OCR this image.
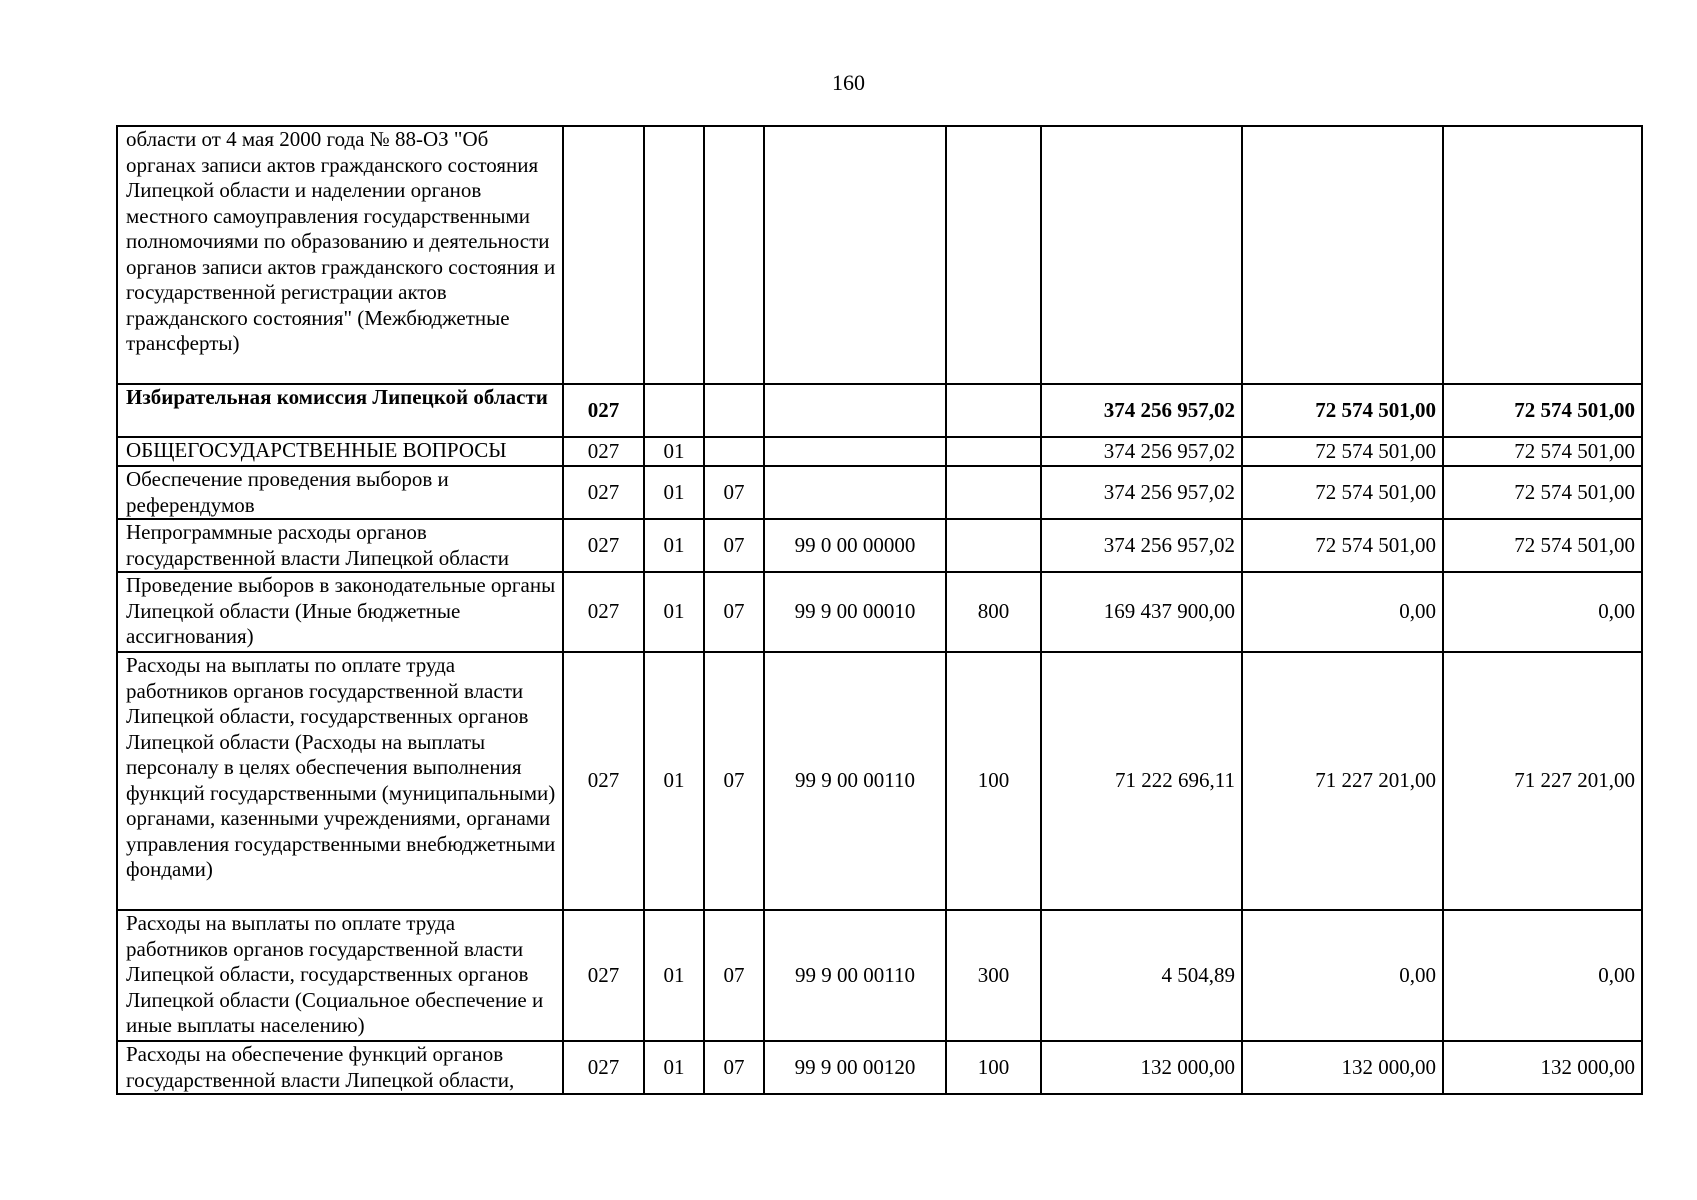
160
области от 4 мая 2000 года № 88-ОЗ "Об органах записи актов гражданского состояния Липецкой области и наделении органов местного самоуправления государственными полномочиями по образованию и деятельности органов записи актов гражданского состояния и государственной регистрации актов гражданского состояния" (Межбюджетные трансферты)								
Избирательная комиссия Липецкой области	027					374 256 957,02	72 574 501,00	72 574 501,00
ОБЩЕГОСУДАРСТВЕННЫЕ ВОПРОСЫ	027	01				374 256 957,02	72 574 501,00	72 574 501,00
Обеспечение проведения выборов и референдумов	027	01	07			374 256 957,02	72 574 501,00	72 574 501,00
Непрограммные расходы органов государственной власти Липецкой области	027	01	07	99 0 00 00000		374 256 957,02	72 574 501,00	72 574 501,00
Проведение выборов в законодательные органы Липецкой области (Иные бюджетные ассигнования)	027	01	07	99 9 00 00010	800	169 437 900,00	0,00	0,00
Расходы на выплаты по оплате труда работников органов государственной власти Липецкой области, государственных органов Липецкой области (Расходы на выплаты персоналу в целях обеспечения выполнения функций государственными (муниципальными) органами, казенными учреждениями, органами управления государственными внебюджетными фондами)	027	01	07	99 9 00 00110	100	71 222 696,11	71 227 201,00	71 227 201,00
Расходы на выплаты по оплате труда работников органов государственной власти Липецкой области, государственных органов Липецкой области (Социальное обеспечение и иные выплаты населению)	027	01	07	99 9 00 00110	300	4 504,89	0,00	0,00
Расходы на обеспечение функций органов государственной власти Липецкой области,	027	01	07	99 9 00 00120	100	132 000,00	132 000,00	132 000,00
